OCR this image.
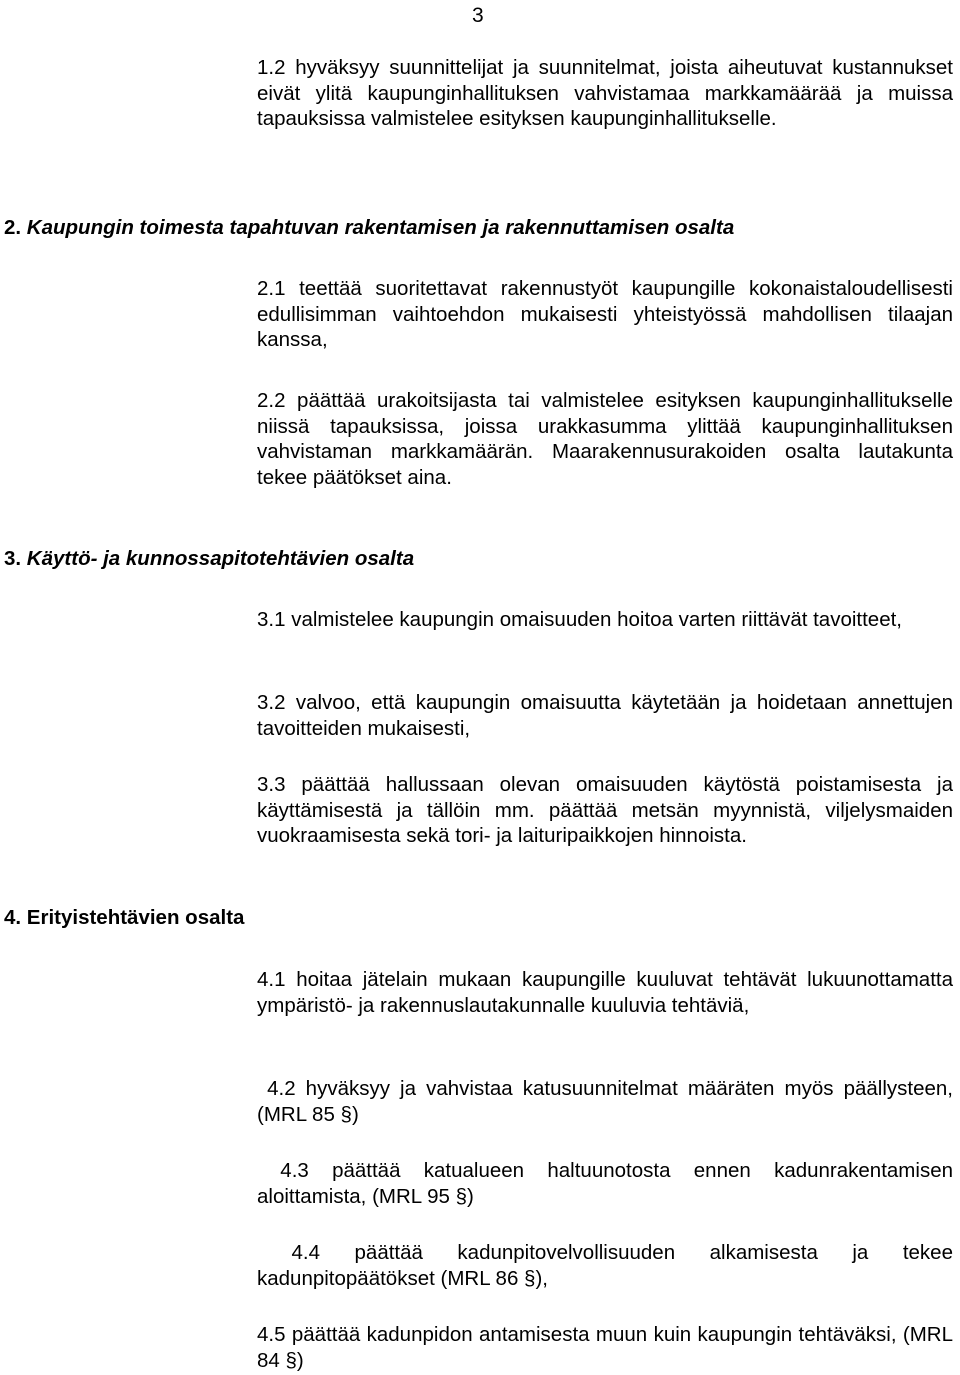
3

1.2 hyväksyy suunnittelijat ja suunnitelmat, joista aiheutuvat kustannukset eivät ylitä kaupunginhallituksen vahvistamaa markkamäärää ja muissa tapauksissa valmistelee esityksen kaupunginhallitukselle.

2. Kaupungin toimesta tapahtuvan rakentamisen ja rakennuttamisen osalta

2.1 teettää suoritettavat rakennustyöt kaupungille kokonaistaloudellisesti edullisimman vaihtoehdon mukaisesti yhteistyössä mahdollisen tilaajan kanssa,

2.2 päättää urakoitsijasta tai valmistelee esityksen kaupunginhallitukselle niissä tapauksissa, joissa urakkasumma ylittää kaupunginhallituksen vahvistaman markkamäärän. Maarakennusurakoiden osalta lautakunta tekee päätökset aina.

3. Käyttö- ja kunnossapitotehtävien osalta

3.1 valmistelee kaupungin omaisuuden hoitoa varten riittävät tavoitteet,

3.2 valvoo, että kaupungin omaisuutta käytetään ja hoidetaan annettujen tavoitteiden mukaisesti,

3.3 päättää hallussaan olevan omaisuuden käytöstä poistamisesta ja käyttämisestä ja tällöin mm. päättää metsän myynnistä, viljelysmaiden vuokraamisesta sekä tori- ja laituripaikkojen hinnoista.

4. Erityistehtävien osalta

4.1 hoitaa jätelain mukaan kaupungille kuuluvat tehtävät lukuunottamatta ympäristö- ja rakennuslautakunnalle kuuluvia tehtäviä,

4.2 hyväksyy ja vahvistaa katusuunnitelmat määräten myös päällysteen, (MRL 85 §)

4.3 päättää katualueen haltuunotosta ennen kadunrakentamisen aloittamista, (MRL 95 §)

4.4 päättää kadunpitovelvollisuuden alkamisesta ja tekee kadunpitopäätökset (MRL 86 §),

4.5 päättää kadunpidon antamisesta muun kuin kaupungin tehtäväksi, (MRL 84 §)
